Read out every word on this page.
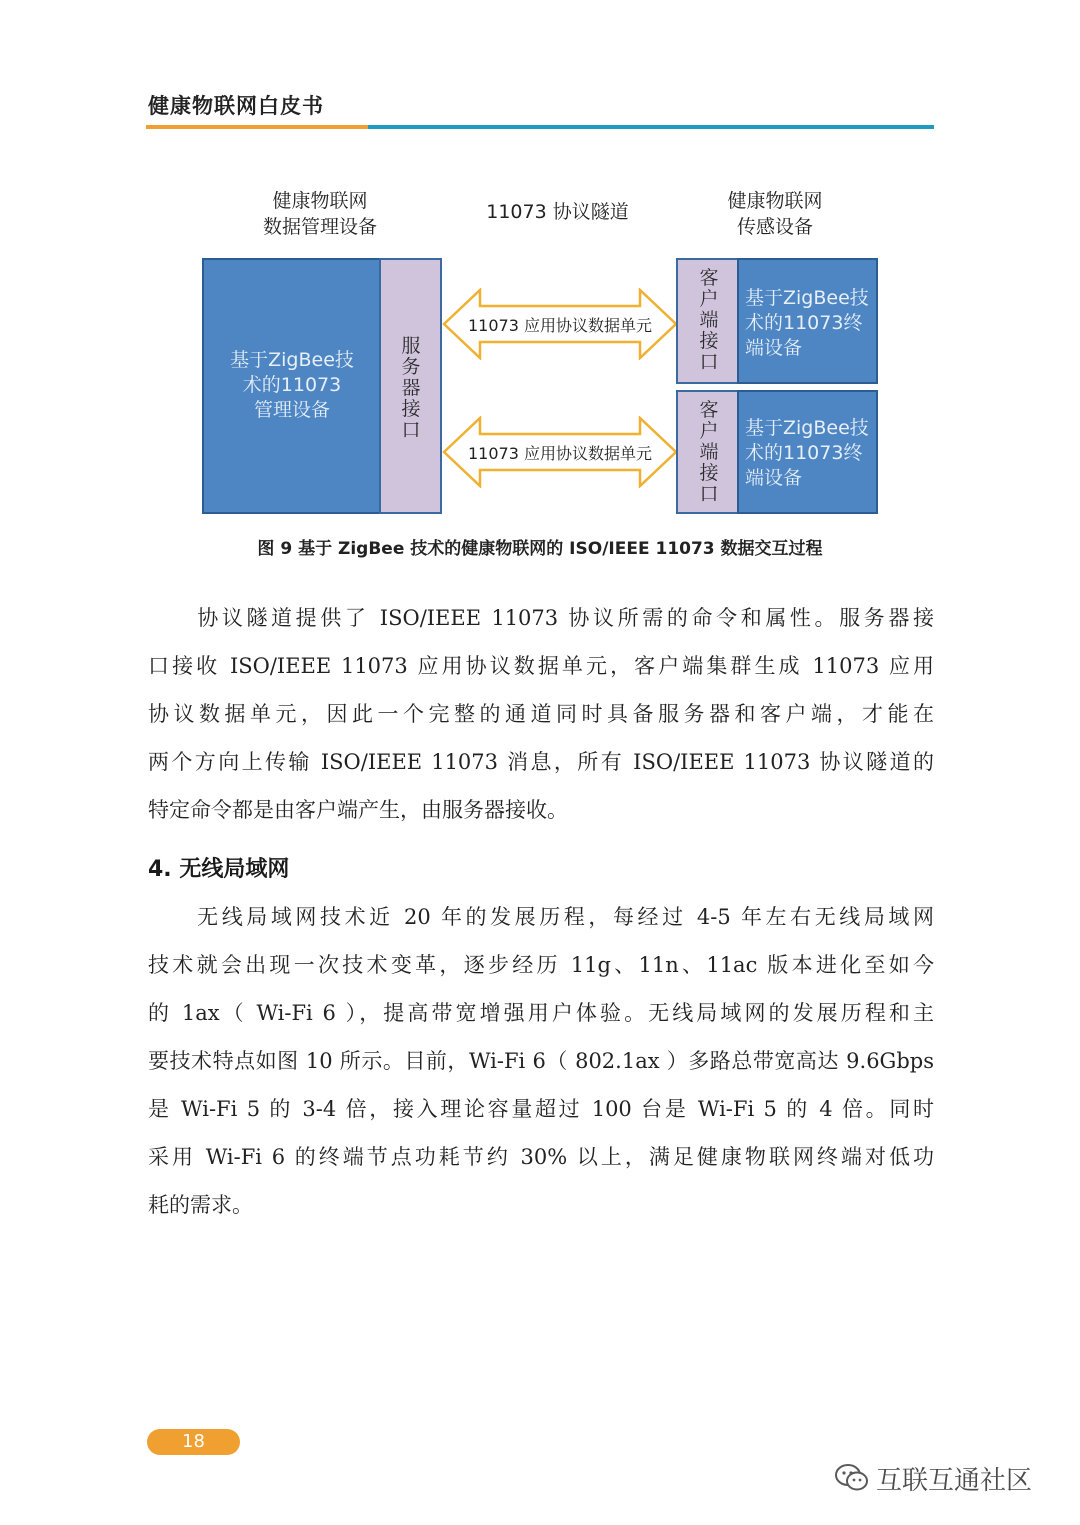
健康物联网白皮书
健康物联网
数据管理设备
11073 协议隧道	健康物联网
传感设备
基于ZigBee技
术的11073
管理设备
服务器接口
11073 应用协议数据单元
11073 应用协议数据单元
客户端接口
基于ZigBee技
术的11073终
端设备
客户端接口
基于ZigBee技
术的11073终
端设备
图 9 基于 ZigBee 技术的健康物联网的 ISO/IEEE 11073 数据交互过程
　　协议隧道提供了 ISO/IEEE 11073 协议所需的命令和属性。服务器接
口接收 ISO/IEEE 11073 应用协议数据单元，客户端集群生成 11073 应用
协议数据单元，因此一个完整的通道同时具备服务器和客户端，才能在
两个方向上传输 ISO/IEEE 11073 消息，所有 ISO/IEEE 11073 协议隧道的
特定命令都是由客户端产生，由服务器接收。
4. 无线局域网
　　无线局域网技术近 20 年的发展历程，每经过 4-5 年左右无线局域网
技术就会出现一次技术变革，逐步经历 11g、11n、11ac 版本进化至如今
的 1ax（ Wi-Fi 6 ），提高带宽增强用户体验。无线局域网的发展历程和主
要技术特点如图 10 所示。目前，Wi-Fi 6（ 802.1ax ）多路总带宽高达 9.6Gbps
是 Wi-Fi 5 的 3-4 倍，接入理论容量超过 100 台是 Wi-Fi 5 的 4 倍。同时
采用 Wi-Fi 6 的终端节点功耗节约 30% 以上，满足健康物联网终端对低功
耗的需求。
18
互联互通社区
